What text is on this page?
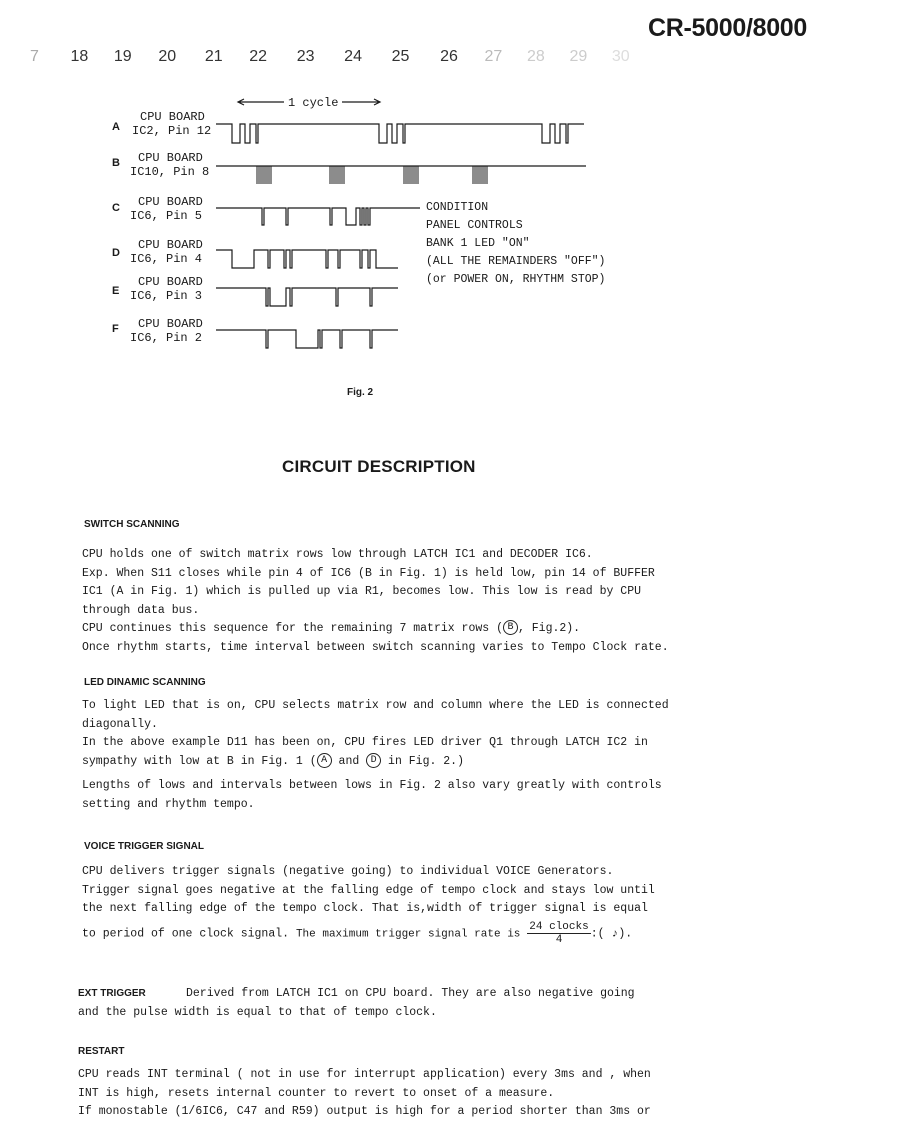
CR-5000/8000
7 18 19 20 21 22 23 24 25 26 27 28 29 30
1 cycle
A
CPU BOARD
IC2, Pin 12
B	CPU BOARD
IC10, Pin 8
C	CPU BOARD
IC6, Pin 5
D
CPU BOARD
IC6, Pin 4
E
CPU BOARD
IC6, Pin 3
F	CPU BOARD
IC6, Pin 2
CONDITION
PANEL CONTROLS
BANK 1 LED "ON"
(ALL THE REMAINDERS "OFF")
(or POWER ON, RHYTHM STOP)
Fig. 2
CIRCUIT DESCRIPTION
SWITCH SCANNING
CPU holds one of switch matrix rows low through LATCH IC1 and DECODER IC6.
Exp. When S11 closes while pin 4 of IC6 (B in Fig. 1) is held low, pin 14 of BUFFER
IC1 (A in Fig. 1) which is pulled up via R1, becomes low. This low is read by CPU
through data bus.
CPU continues this sequence for the remaining 7 matrix rows ( B , Fig.2).
Once rhythm starts, time interval between switch scanning varies to Tempo Clock rate.
LED DINAMIC SCANNING
To light LED that is on, CPU selects matrix row and column where the LED is connected
diagonally.
In the above example D11 has been on, CPU fires LED driver Q1 through LATCH IC2 in
sympathy with low at B in Fig. 1 ( A and D in Fig. 2.)
Lengths of lows and intervals between lows in Fig. 2 also vary greatly with controls
setting and rhythm tempo.
VOICE TRIGGER SIGNAL
CPU delivers trigger signals (negative going) to individual VOICE Generators.
Trigger signal goes negative at the falling edge of tempo clock and stays low until
the next falling edge of the tempo clock. That is,width of trigger signal is equal
to period of one clock signal. The maximum trigger signal rate is $\frac{\text{24 clocks}}{4}$ :( ♪).
EXT TRIGGER	Derived from LATCH IC1 on CPU board. They are also negative going
and the pulse width is equal to that of tempo clock.
RESTART
CPU reads INT terminal ( not in use for interrupt application) every 3ms and , when
INT is high, resets internal counter to revert to onset of a measure.
If monostable (1/6IC6, C47 and R59) output is high for a period shorter than 3ms or
